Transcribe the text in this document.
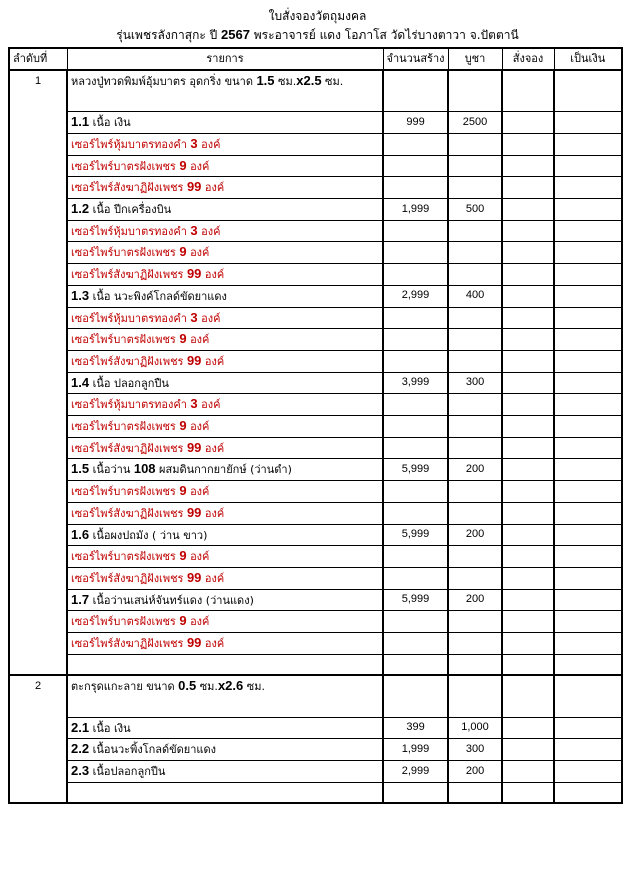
ใบสั่งจองวัตถุมงคล
รุ่นเพชรลังกาสุกะ ปี 2567 พระอาจารย์ แดง โอภาโส วัดไร่บางตาวา จ.ปัตตานี
ลำดับที่	รายการ	จำนวนสร้าง	บูชา	สั่งจอง	เป็นเงิน
1	หลวงปู่ทวดพิมพ์อุ้มบาตร อุดกริ่ง ขนาด 1.5 ซม.x2.5 ซม.				
	1.1 เนื้อ เงิน	999	2500		
	เซอร์ไพร์หุ้มบาตรทองคำ 3 องค์				
	เซอร์ไพร์บาตรฝังเพชร 9 องค์				
	เซอร์ไพร์สังฆาฏิฝังเพชร 99 องค์				
	1.2 เนื้อ ปีกเครื่องบิน	1,999	500		
	เซอร์ไพร์หุ้มบาตรทองคำ 3 องค์				
	เซอร์ไพร์บาตรฝังเพชร 9 องค์				
	เซอร์ไพร์สังฆาฏิฝังเพชร 99 องค์				
	1.3 เนื้อ นวะพิงค์โกลด์ขัดยาแดง	2,999	400		
	เซอร์ไพร์หุ้มบาตรทองคำ 3 องค์				
	เซอร์ไพร์บาตรฝังเพชร 9 องค์				
	เซอร์ไพร์สังฆาฏิฝังเพชร 99 องค์				
	1.4 เนื้อ ปลอกลูกปืน	3,999	300		
	เซอร์ไพร์หุ้มบาตรทองคำ 3 องค์				
	เซอร์ไพร์บาตรฝังเพชร 9 องค์				
	เซอร์ไพร์สังฆาฏิฝังเพชร 99 องค์				
	1.5 เนื้อว่าน 108 ผสมดินกากยายักษ์ (ว่านดำ)	5,999	200		
	เซอร์ไพร์บาตรฝังเพชร 9 องค์				
	เซอร์ไพร์สังฆาฏิฝังเพชร 99 องค์				
	1.6 เนื้อผงปถมัง ( ว่าน ขาว)	5,999	200		
	เซอร์ไพร์บาตรฝังเพชร 9 องค์				
	เซอร์ไพร์สังฆาฏิฝังเพชร 99 องค์				
	1.7 เนื้อว่านเสน่ห์จันทร์แดง (ว่านแดง)	5,999	200		
	เซอร์ไพร์บาตรฝังเพชร 9 องค์				
	เซอร์ไพร์สังฆาฏิฝังเพชร 99 องค์				

2	ตะกรุดแกะลาย ขนาด 0.5 ซม.x2.6 ซม.				
	2.1 เนื้อ เงิน	399	1,000		
	2.2 เนื้อนวะพิ้งโกลด์ขัดยาแดง	1,999	300		
	2.3 เนื้อปลอกลูกปืน	2,999	200		
